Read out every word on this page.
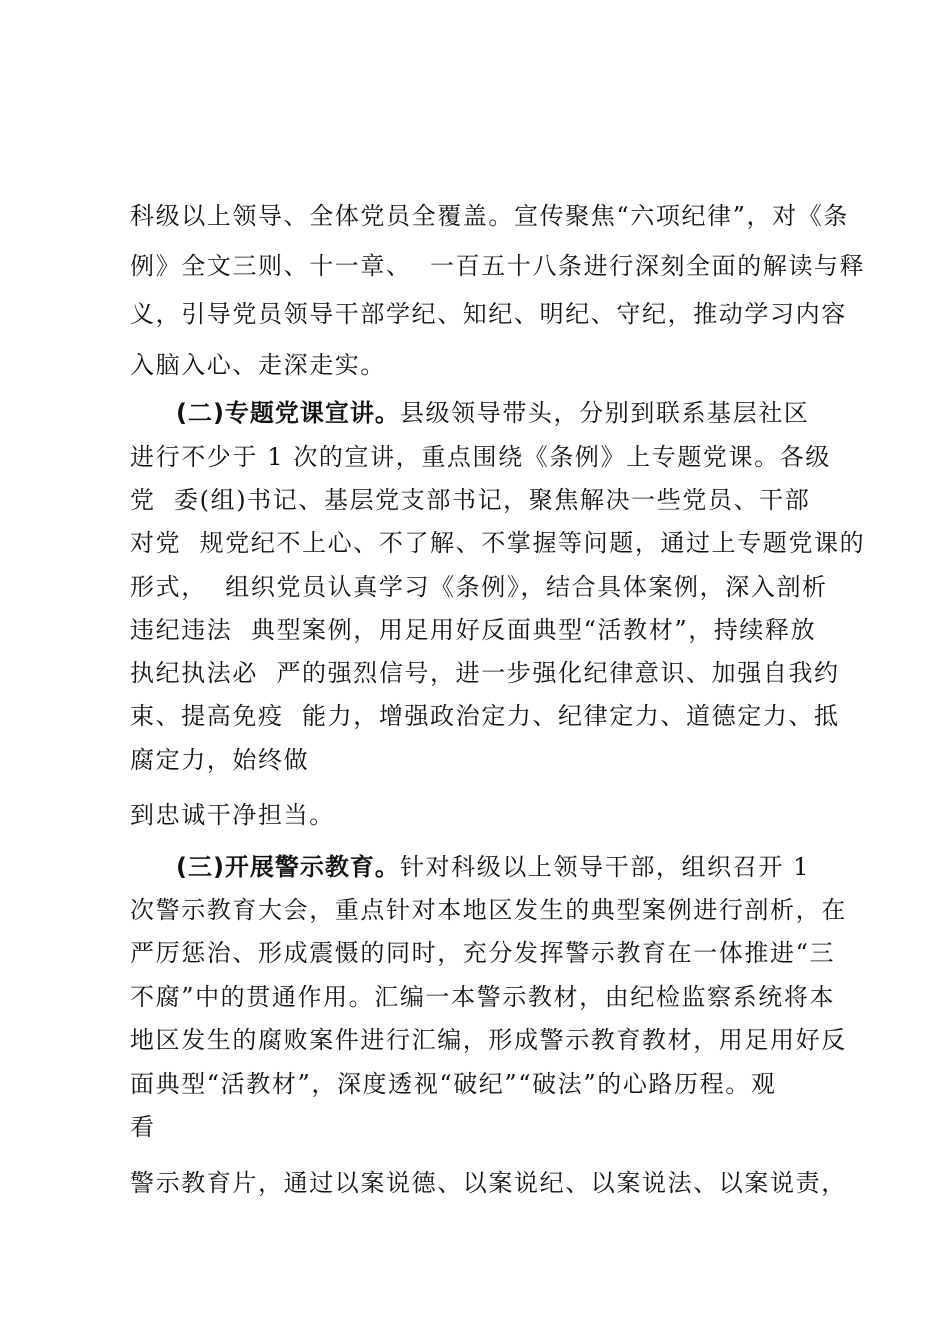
科级以上领导、全体党员全覆盖。宣传聚焦“六项纪律”，对《条
例》全文三则、十一章、  一百五十八条进行深刻全面的解读与释
义，引导党员领导干部学纪、知纪、明纪、守纪，推动学习内容
入脑入心、走深走实。
(二)专题党课宣讲。县级领导带头，分别到联系基层社区
进行不少于 1 次的宣讲，重点围绕《条例》上专题党课。各级
党  委(组)书记、基层党支部书记，聚焦解决一些党员、干部
对党  规党纪不上心、不了解、不掌握等问题，通过上专题党课的
形式，  组织党员认真学习《条例》，结合具体案例，深入剖析
违纪违法  典型案例，用足用好反面典型“活教材”，持续释放
执纪执法必  严的强烈信号，进一步强化纪律意识、加强自我约
束、提高免疫  能力，增强政治定力、纪律定力、道德定力、抵
腐定力，始终做
到忠诚干净担当。
(三)开展警示教育。针对科级以上领导干部，组织召开 1
次警示教育大会，重点针对本地区发生的典型案例进行剖析，在
严厉惩治、形成震慑的同时，充分发挥警示教育在一体推进“三
不腐”中的贯通作用。汇编一本警示教材，由纪检监察系统将本
地区发生的腐败案件进行汇编，形成警示教育教材，用足用好反
面典型“活教材”，深度透视“破纪”“破法”的心路历程。观
看
警示教育片，通过以案说德、以案说纪、以案说法、以案说责，
